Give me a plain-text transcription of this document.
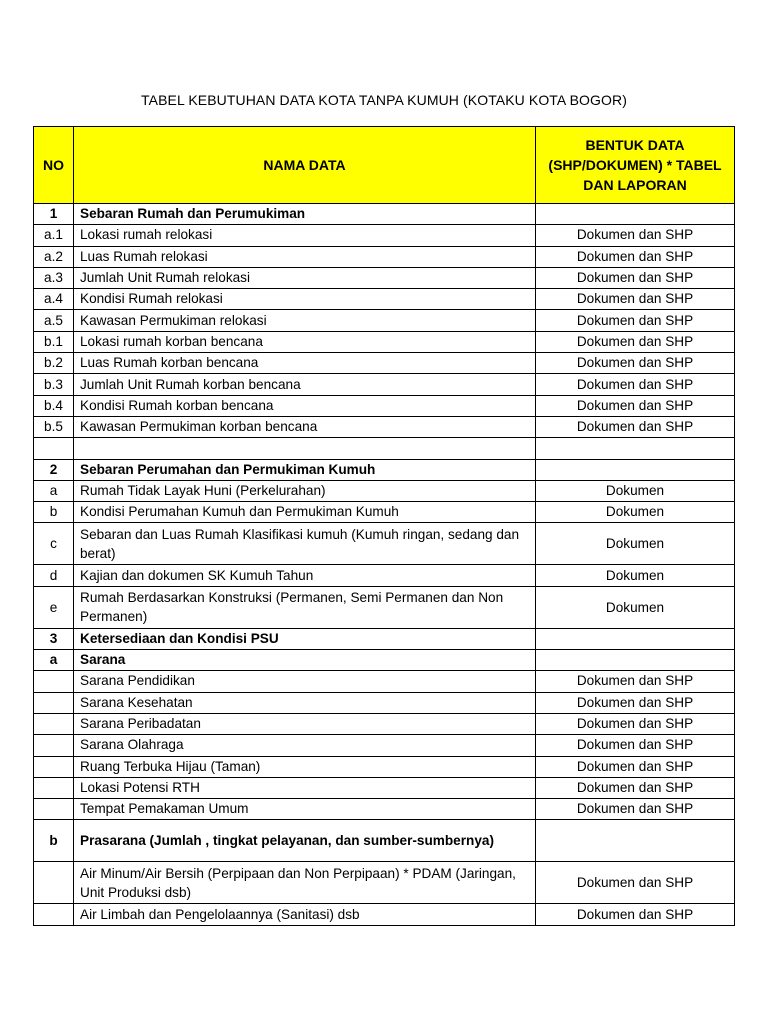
TABEL KEBUTUHAN DATA KOTA TANPA KUMUH (KOTAKU KOTA BOGOR)
NO	NAMA DATA	BENTUK DATA (SHP/DOKUMEN) * TABEL DAN LAPORAN
1	Sebaran Rumah dan Perumukiman	
a.1	Lokasi rumah relokasi	Dokumen dan SHP
a.2	Luas Rumah relokasi	Dokumen dan SHP
a.3	Jumlah Unit Rumah relokasi	Dokumen dan SHP
a.4	Kondisi Rumah relokasi	Dokumen dan SHP
a.5	Kawasan Permukiman relokasi	Dokumen dan SHP
b.1	Lokasi rumah korban bencana	Dokumen dan SHP
b.2	Luas Rumah korban bencana	Dokumen dan SHP
b.3	Jumlah Unit Rumah korban bencana	Dokumen dan SHP
b.4	Kondisi Rumah korban bencana	Dokumen dan SHP
b.5	Kawasan Permukiman korban bencana	Dokumen dan SHP

2	Sebaran Perumahan dan Permukiman Kumuh	
a	Rumah Tidak Layak Huni (Perkelurahan)	Dokumen
b	Kondisi Perumahan Kumuh dan Permukiman Kumuh	Dokumen
c	Sebaran dan Luas Rumah Klasifikasi kumuh (Kumuh ringan, sedang dan berat)	Dokumen
d	Kajian dan dokumen SK Kumuh Tahun	Dokumen
e	Rumah Berdasarkan Konstruksi (Permanen, Semi Permanen dan Non Permanen)	Dokumen
3	Ketersediaan dan Kondisi PSU	
a	Sarana	
	Sarana Pendidikan	Dokumen dan SHP
	Sarana Kesehatan	Dokumen dan SHP
	Sarana Peribadatan	Dokumen dan SHP
	Sarana Olahraga	Dokumen dan SHP
	Ruang Terbuka Hijau (Taman)	Dokumen dan SHP
	Lokasi Potensi RTH	Dokumen dan SHP
	Tempat Pemakaman Umum	Dokumen dan SHP
b	Prasarana (Jumlah , tingkat pelayanan, dan sumber-sumbernya)	
	Air Minum/Air Bersih (Perpipaan dan Non Perpipaan) * PDAM (Jaringan, Unit Produksi dsb)	Dokumen dan SHP
	Air Limbah dan Pengelolaannya (Sanitasi) dsb	Dokumen dan SHP
